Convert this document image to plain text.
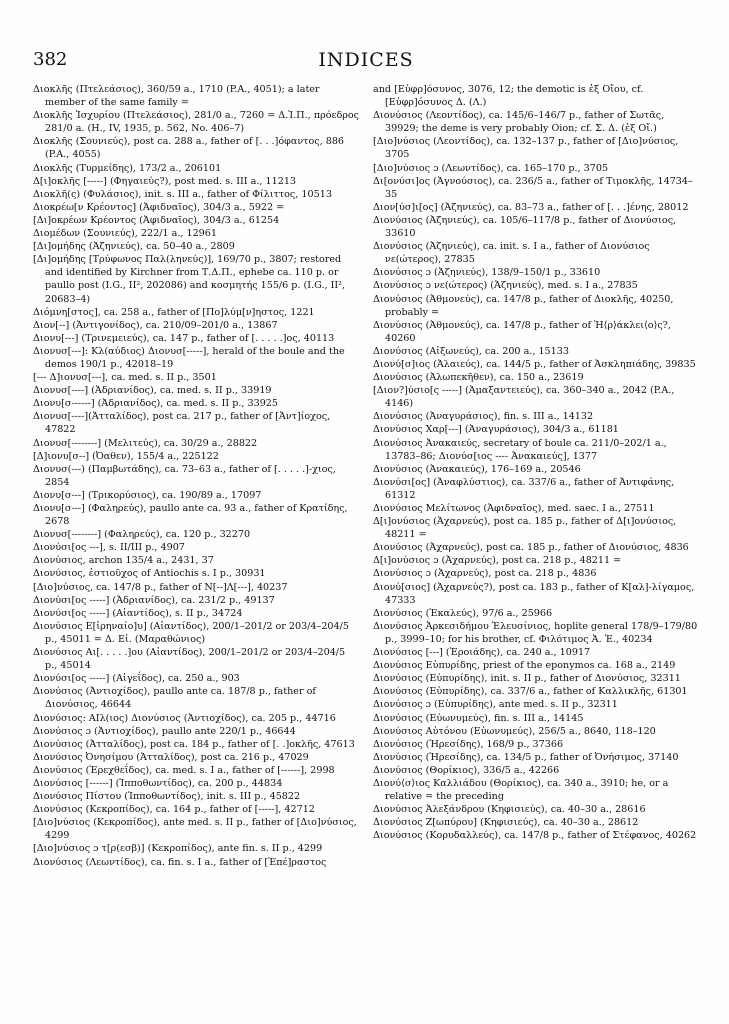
382	INDICES

Διοκλῆς (Πτελεάσιος), 360/59 a., 1710 (P.A., 4051); a later member of the same family =

Διοκλῆς Ἰσχυρίου (Πτελεάσιος), 281/0 a., 7260 = Δ.Ἱ.Π., πρόεδρος 281/0 a. (H., IV, 1935, p. 562, No. 406–7)

Διοκλῆς (Σουνιεύς), post ca. 288 a., father of [. . .]όφαντος, 886 (P.A., 4055)

Διοκλῆς (Τυρμείδης), 173/2 a., 206101

Δ[ι]οκλῆς [-----] (Φηγαιεύς?), post med. s. III a., 11213

Διοκλῆ(ς) (Φυλάσιος), init. s. III a., father of Φίλιττος, 10513

Διοκρέω[ν Κρέοντος] (Ἀφιδναῖος), 304/3 a., 5922 =

[Δι]οκρέων Κρέοντος (Ἀφιδναῖος), 304/3 a., 61254

Διομέδων (Σουνιεύς), 222/1 a., 12961

[Δι]ομήδης (Ἀζηνιεύς), ca. 50–40 a., 2809

[Δι]ομήδης [Τρύφωνος Παλ(ληνεύς)], 169/70 p., 3807; restored and identified by Kirchner from Τ.Δ.Π., ephebe ca. 110 p. or paullo post (I.G., II², 202086) and κοσμητής 155/6 p. (I.G., II², 20683–4)

Διόμνη[στος], ca. 258 a., father of [Πο]λύμ[ν]ηστος, 1221

Διον[--] (Ἀντιγονίδος), ca. 210/09–201/0 a., 13867

Διονυ[---] (Τρινεμειεύς), ca. 147 p., father of [. . . . .]ος, 40113

Διονυσ[---]: Κλ(αύδιος) Διονυσ[-----], herald of the boule and the demos 190/1 p., 42018–19

[--- Δ]ιονυσ[---], ca. med. s. II p., 3501

Διονυσ[----] (Ἀδριανίδος), ca. med. s. II p., 33919

Διονυ[σ------] (Ἀδριανίδος), ca. med. s. II p., 33925

Διονυσ[----](Ἀτταλίδος), post ca. 217 p., father of [Ἀντ]ίοχος, 47822

Διονυσ[--------] (Μελιτεύς), ca. 30/29 a., 28822

[Δ]ιονυ[σ--] (Ὀαθεν), 155/4 a., 225122

Διονυσ(---) (Παμβωτάδης), ca. 73–63 a., father of [. . . . .]-χιος, 2854

Διονυ[σ---] (Τρικορύσιος), ca. 190/89 a., 17097

Διονυ[σ---] (Φαληρεύς), paullo ante ca. 93 a., father of Κρατίδης, 2678

Διονυσ[--------] (Φαληρεύς), ca. 120 p., 32270

Διονύσι[ος ---], s. II/III p., 4907

Διονύσιος, archon 135/4 a., 2431, 37

Διονύσιος, ἑστιοῦχος of Antiochis s. I p., 30931

[Διο]νύσιος, ca. 147/8 p., father of N[--]Λ[---], 40237

Διονύσι[ος -----] (Ἀδριανίδος), ca. 231/2 p., 49137

Διονύσι[ος -----] (Αἰαντίδος), s. II p., 34724

Διονύσιος Ε[ἰρηναίο]υ] (Αἰαντίδος), 200/1–201/2 or 203/4–204/5 p., 45011 = Δ. Εἰ. (Μαραθώνιος)

Διονύσιος Αι[. . . . .]ου (Αἰαντίδος), 200/1–201/2 or 203/4–204/5 p., 45014

Διονύσι[ος -----] (Αἰγεΐδος), ca. 250 a., 903

Διονύσιος (Ἀντιοχίδος), paullo ante ca. 187/8 p., father of Διονύσιος, 46644

Διονύσιος: ΑΙλ(ιος) Διονύσιος (Ἀντιοχίδος), ca. 205 p., 44716

Διονύσιος ɔ (Ἀντιοχίδος), paullo ante 220/1 p., 46644

Διονύσιος (Ἀτταλίδος), post ca. 184 p., father of [. .]οκλῆς, 47613

Διονύσιος Ὀνησίμου (Ἀτταλίδος), post ca. 216 p., 47029

Διονύσιος (Ἐρεχθεΐδος), ca. med. s. I a., father of [------], 2998

Διονύσιος [------] (Ἱπποθωντίδος), ca. 200 p., 44834

Διονύσιος Πίστου (Ἱπποθωντίδος), init. s. III p., 45822

Διονύσιος (Κεκροπίδος), ca. 164 p., father of [-----], 42712

[Διο]νύσιος (Κεκροπίδος), ante med. s. II p., father of [Διο]νύσιος, 4299

[Διο]νύσιος ɔ τ[ρ(εσβ)] (Κεκροπίδος), ante fin. s. II p., 4299

Διονύσιος (Λεωντίδος), ca. fin. s. I a., father of [Ἐπέ]ραστος

and [Εὐφρ]όσυνος, 3076, 12; the demotic is ἐξ Οἴου, cf. [Εὐφρ]όσυνος Δ. (Λ.)

Διονύσιος (Λεοντίδος), ca. 145/6–146/7 p., father of Σωτᾶς, 39929; the deme is very probably Oion; cf. Σ. Δ. (ἐξ Οἴ.)

[Διο]νύσιος (Λεοντίδος), ca. 132–137 p., father of [Διο]νύσιος, 3705

[Διο]νύσιος ɔ (Λεωντίδος), ca. 165–170 p., 3705

Δι[ονύσι]ος (Ἀγνούσιος), ca. 236/5 a., father of Τιμοκλῆς, 14734–35

Διον[ύσ]ι[ος] (Ἀζηνιεύς), ca. 83–73 a., father of [. . .]ένης, 28012

Διονύσιος (Ἀζηνιεύς), ca. 105/6–117/8 p., father of Διονύσιος, 33610

Διονύσιος (Ἀζηνιεύς), ca. init. s. I a., father of Διονύσιος νε(ώτερος), 27835

Διονύσιος ɔ (Ἀζηνιεύς), 138/9–150/1 p., 33610

Διονύσιος ɔ νε(ώτερος) (Ἀζηνιεύς), med. s. I a., 27835

Διονύσιος (Ἀθμονεύς), ca. 147/8 p., father of Διοκλῆς, 40250, probably =

Διονύσιος (Ἀθμονεύς), ca. 147/8 p., father of Ἡ⟨ρ⟩άκλει⟨ο⟩ς?, 40260

Διονύσιος (Αἰξωνεύς), ca. 200 a., 15133

Διονύ[σ]ιος (Ἀλαιεύς), ca. 144/5 p., father of Ἀσκληπιάδης, 39835

Διονύσιος (Ἀλωπεκῆθεν), ca. 150 a., 23619

[Διον?]ύσιο[ς -----] (Ἀμαξαντειεύς), ca. 360–340 a., 2042 (P.A., 4146)

Διονύσιος (Ἀναγυράσιος), fin. s. III a., 14132

Διονύσιος Χαρ[---] (Ἀναγυράσιος), 304/3 a., 61181

Διονύσιος Ἀνακαιεύς, secretary of boule ca. 211/0–202/1 a., 13783–86; Διονύσ[ιος ---- Ἀνακαιεύς], 1377

Διονύσιος (Ἀνακαιεύς), 176–169 a., 20546

Διονύσι[ος] (Ἀναφλύστιος), ca. 337/6 a., father of Ἀντιφάνης, 61312

Διονύσιος Μελίτωνος (Ἀφιδναῖος), med. saec. I a., 27511

Δ[ι]ονύσιος (Ἀχαρνεύς), post ca. 185 p., father of Δ[ι]ονύσιος, 48211 =

Διονύσιος (Ἀχαρνεύς), post ca. 185 p., father of Διονύσιος, 4836

Δ[ι]ονύσιος ɔ (Ἀχαρνεύς), post ca. 218 p., 48211 =

Διονύσιος ɔ (Ἀχαρνεύς), post ca. 218 p., 4836

Διονύ[σιος] (Ἀχαρνεύς?), post ca. 183 p., father of Κ[αλ]-λίγαμος, 47333

Διονύσιος (Ἐκαλεύς), 97/6 a., 25966

Διονύσιος Ἀρκεσιδήμου Ἐλευσίνιος, hoplite general 178/9–179/80 p., 3999–10; for his brother, cf. Φιλότιμος Ἀ. Ἐ., 40234

Διονύσιος [---] (Ἐροιάδης), ca. 240 a., 10917

Διονύσιος Εὐπυρίδης, priest of the eponymos ca. 168 a., 2149

Διονύσιος (Εὐπυρίδης), init. s. II p., father of Διονύσιος, 32311

Διονύσιος (Εὐπυρίδης), ca. 337/6 a., father of Καλλικλῆς, 61301

Διονύσιος ɔ (Εὐπυρίδης), ante med. s. II p., 32311

Διονύσιος (Εὐωνυμεύς), fin. s. III a., 14145

Διονύσιος Αὐτόνου (Εὐωνυμεύς), 256/5 a., 8640, 118–120

Διονύσιος (Ἡρεσίδης), 168/9 p., 37366

Διονύσιος (Ἡρεσίδης), ca. 134/5 p., father of Ὀνήσιμος, 37140

Διονύσιος (Θορίκιος), 336/5 a., 42266

Διονύ⟨σ⟩ιος Καλλιάδου (Θορίκιος), ca. 340 a., 3910; he, or a relative = the preceding

Διονύσιος Ἀλεξάνδρου (Κηφισιεύς), ca. 40–30 a., 28616

Διονύσιος Ζ[ωπύρου] (Κηφισιεύς), ca. 40–30 a., 28612

Διονύσιος (Κορυδαλλεύς), ca. 147/8 p., father of Στέφανος, 40262
